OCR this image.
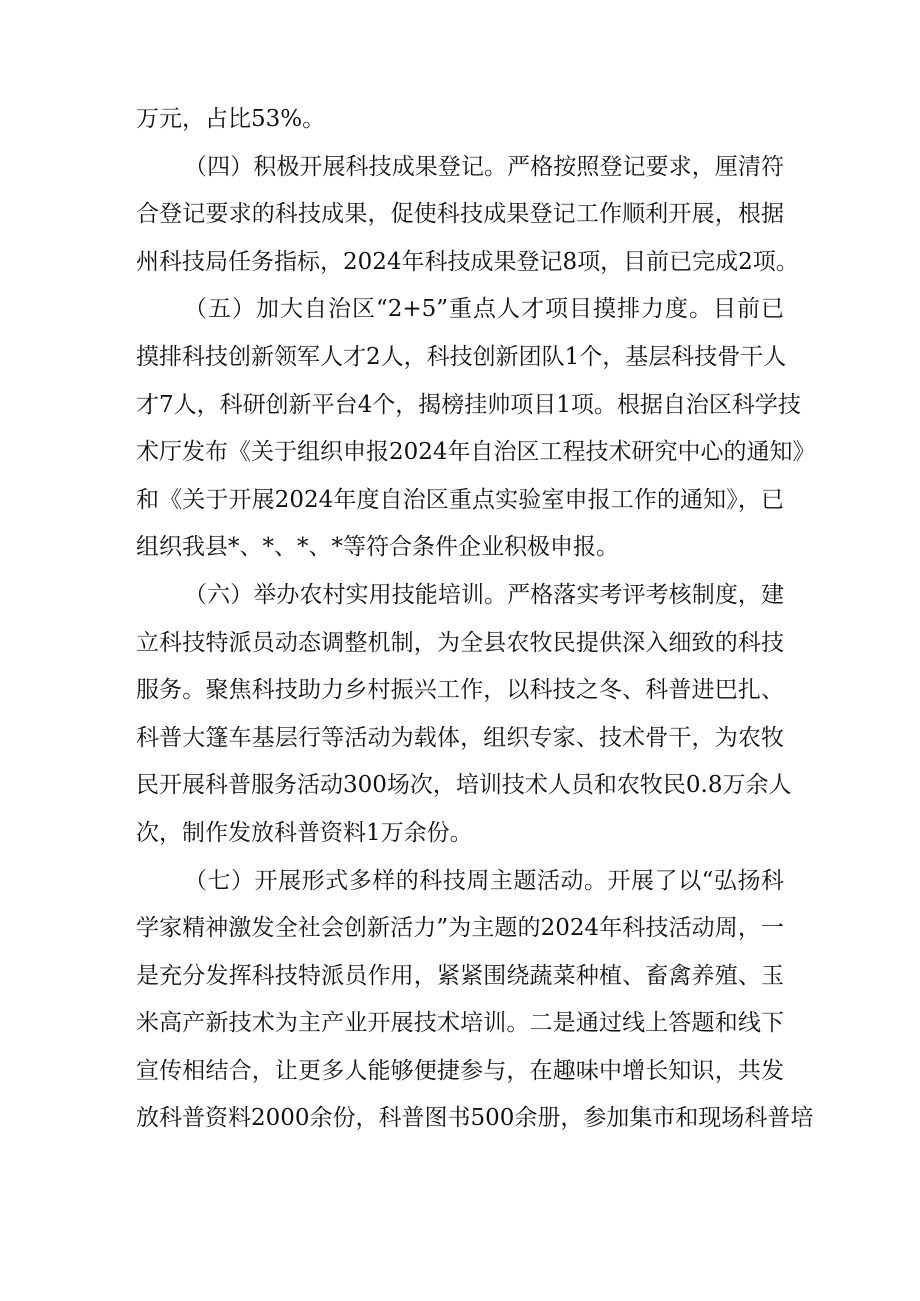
万元，占比53%。
（四）积极开展科技成果登记。严格按照登记要求，厘清符
合登记要求的科技成果，促使科技成果登记工作顺利开展，根据
州科技局任务指标，2024年科技成果登记8项，目前已完成2项。
（五）加大自治区“2+5”重点人才项目摸排力度。目前已
摸排科技创新领军人才2人，科技创新团队1个，基层科技骨干人
才7人，科研创新平台4个，揭榜挂帅项目1项。根据自治区科学技
术厅发布《关于组织申报2024年自治区工程技术研究中心的通知》
和《关于开展2024年度自治区重点实验室申报工作的通知》，已
组织我县*、*、*、*等符合条件企业积极申报。
（六）举办农村实用技能培训。严格落实考评考核制度，建
立科技特派员动态调整机制，为全县农牧民提供深入细致的科技
服务。聚焦科技助力乡村振兴工作，以科技之冬、科普进巴扎、
科普大篷车基层行等活动为载体，组织专家、技术骨干，为农牧
民开展科普服务活动300场次，培训技术人员和农牧民0.8万余人
次，制作发放科普资料1万余份。
（七）开展形式多样的科技周主题活动。开展了以“弘扬科
学家精神激发全社会创新活力”为主题的2024年科技活动周，一
是充分发挥科技特派员作用，紧紧围绕蔬菜种植、畜禽养殖、玉
米高产新技术为主产业开展技术培训。二是通过线上答题和线下
宣传相结合，让更多人能够便捷参与，在趣味中增长知识，共发
放科普资料2000余份，科普图书500余册，参加集市和现场科普培
